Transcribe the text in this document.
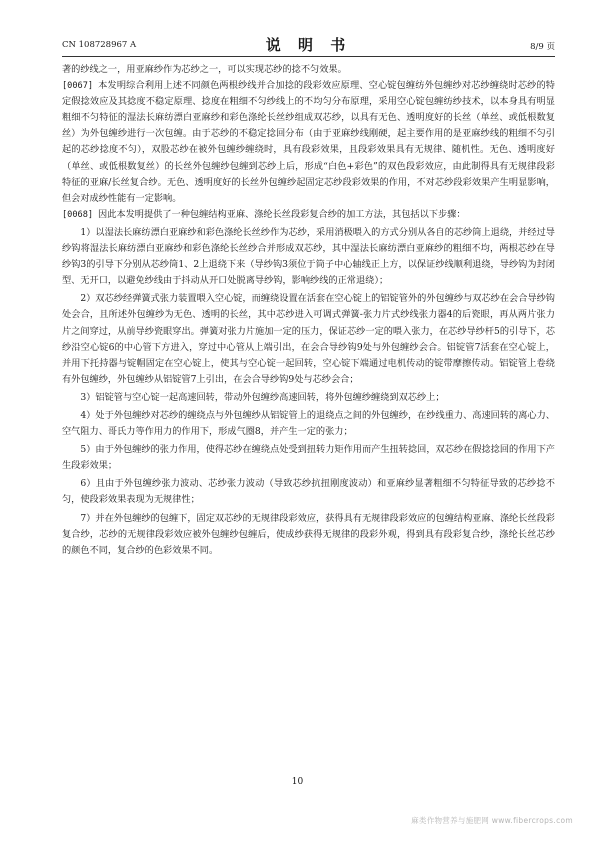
CN 108728967 A	说 明 书	8/9 页

著的纱线之一，用亚麻纱作为芯纱之一，可以实现芯纱的捻不匀效果。

[0067] 本发明综合利用上述不同颜色两根纱线并合加捻的段彩效应原理、空心锭包缠纺外包缠纱对芯纱缠绕时芯纱的特定假捻效应及其捻度不稳定原理、捻度在粗细不匀纱线上的不均匀分布原理，采用空心锭包缠纺纱技术，以本身具有明显粗细不匀特征的湿法长麻纺漂白亚麻纱和彩色涤纶长丝纱组成双芯纱，以具有无色、透明度好的长丝（单丝、或低根数复丝）为外包缠纱进行一次包缠。由于芯纱的不稳定捻回分布（由于亚麻纱线刚硬，起主要作用的是亚麻纱线的粗细不匀引起的芯纱捻度不匀），双股芯纱在被外包缠纱缠绕时，具有段彩效果，且段彩效果具有无规律、随机性。无色、透明度好（单丝、或低根数复丝）的长丝外包缠纱包缠到芯纱上后，形成“白色+彩色”的双色段彩效应，由此制得具有无规律段彩特征的亚麻/长丝复合纱。无色、透明度好的长丝外包缠纱起固定芯纱段彩效果的作用，不对芯纱段彩效果产生明显影响，但会对成纱性能有一定影响。

[0068] 因此本发明提供了一种包缠结构亚麻、涤纶长丝段彩复合纱的加工方法，其包括以下步骤：

1）以湿法长麻纺漂白亚麻纱和彩色涤纶长丝纱作为芯纱，采用消极喂入的方式分别从各自的芯纱筒上退绕，并经过导纱钩将湿法长麻纺漂白亚麻纱和彩色涤纶长丝纱合并形成双芯纱，其中湿法长麻纺漂白亚麻纱的粗细不均，两根芯纱在导纱钩3的引导下分别从芯纱筒1、2上退绕下来（导纱钩3须位于筒子中心轴线正上方，以保证纱线顺利退绕，导纱钩为封闭型、无开口，以避免纱线由于抖动从开口处脱离导纱钩，影响纱线的正常退绕）；

2）双芯纱经弹簧式张力装置喂入空心锭，而缠绕设置在活套在空心锭上的铝锭管外的外包缠纱与双芯纱在会合导纱钩处会合，且所述外包缠纱为无色、透明的长丝，其中芯纱进入可调式弹簧-张力片式纱线张力器4的后瓷眼，再从两片张力片之间穿过，从前导纱瓷眼穿出。弹簧对张力片施加一定的压力，保证芯纱一定的喂入张力，在芯纱导纱杆5的引导下，芯纱沿空心锭6的中心管下方进入，穿过中心管从上端引出，在会合导纱钩9处与外包缠纱会合。铝锭管7活套在空心锭上，并用下托持器与锭帽固定在空心锭上，使其与空心锭一起回转，空心锭下端通过电机传动的锭带摩擦传动。铝锭管上卷绕有外包缠纱，外包缠纱从铝锭管7上引出，在会合导纱钩9处与芯纱会合；

3）铝锭管与空心锭一起高速回转，带动外包缠纱高速回转，将外包缠纱缠绕到双芯纱上；

4）处于外包缠纱对芯纱的缠绕点与外包缠纱从铝锭管上的退绕点之间的外包缠纱，在纱线重力、高速回转的离心力、空气阻力、哥氏力等作用力的作用下，形成气圈8，并产生一定的张力；

5）由于外包缠纱的张力作用，使得芯纱在缠绕点处受到扭转力矩作用而产生扭转捻回，双芯纱在假捻捻回的作用下产生段彩效果；

6）且由于外包缠纱张力波动、芯纱张力波动（导致芯纱抗扭刚度波动）和亚麻纱显著粗细不匀特征导致的芯纱捻不匀，使段彩效果表现为无规律性；

7）并在外包缠纱的包缠下，固定双芯纱的无规律段彩效应，获得具有无规律段彩效应的包缠结构亚麻、涤纶长丝段彩复合纱，芯纱的无规律段彩效应被外包缠纱包缠后，使成纱获得无规律的段彩外观，得到具有段彩复合纱，涤纶长丝芯纱的颜色不同，复合纱的色彩效果不同。

10
麻类作物营养与施肥网 www.fibercrops.com
